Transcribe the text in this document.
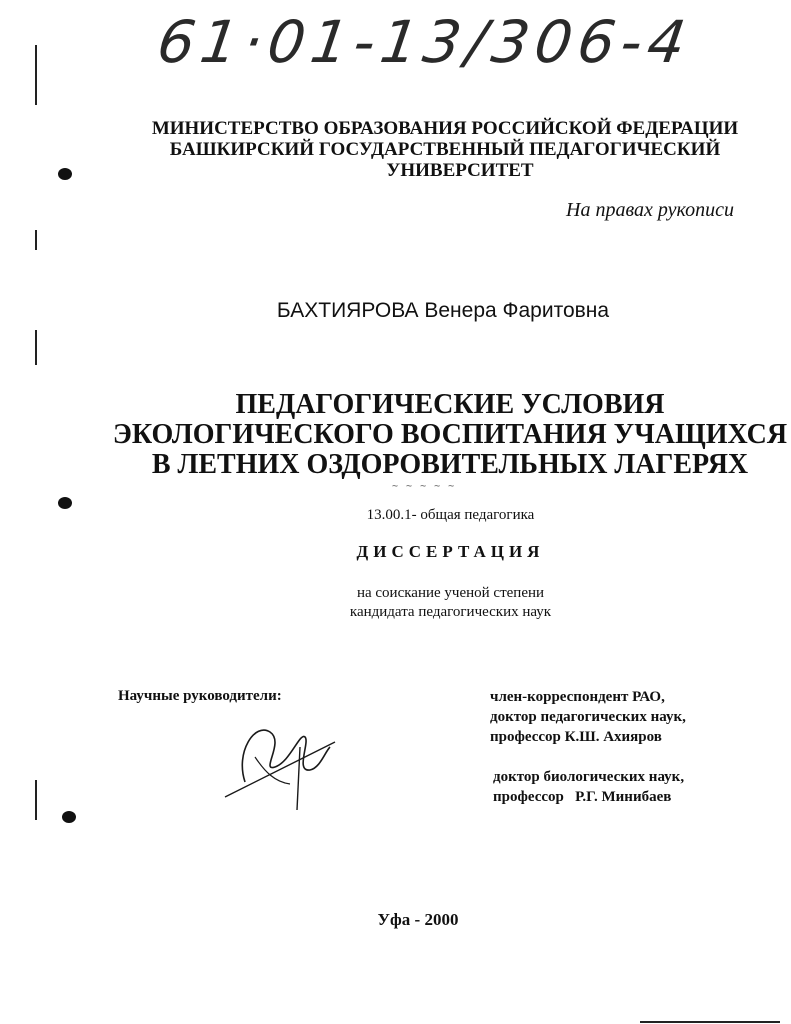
61·01-13/306-4
МИНИСТЕРСТВО ОБРАЗОВАНИЯ РОССИЙСКОЙ ФЕДЕРАЦИИ
БАШКИРСКИЙ ГОСУДАРСТВЕННЫЙ ПЕДАГОГИЧЕСКИЙ
УНИВЕРСИТЕТ
На правах рукописи
БАХТИЯРОВА Венера Фаритовна
ПЕДАГОГИЧЕСКИЕ УСЛОВИЯ
ЭКОЛОГИЧЕСКОГО ВОСПИТАНИЯ УЧАЩИХСЯ
В ЛЕТНИХ ОЗДОРОВИТЕЛЬНЫХ ЛАГЕРЯХ
~ ~ ~ ~ ~
13.00.1- общая педагогика
ДИССЕРТАЦИЯ
на соискание ученой степени
кандидата педагогических наук
Научные руководители:	член-корреспондент РАО,
доктор педагогических наук,
профессор К.Ш. Ахияров
доктор биологических наук,
профессор   Р.Г. Минибаев
Уфа - 2000
